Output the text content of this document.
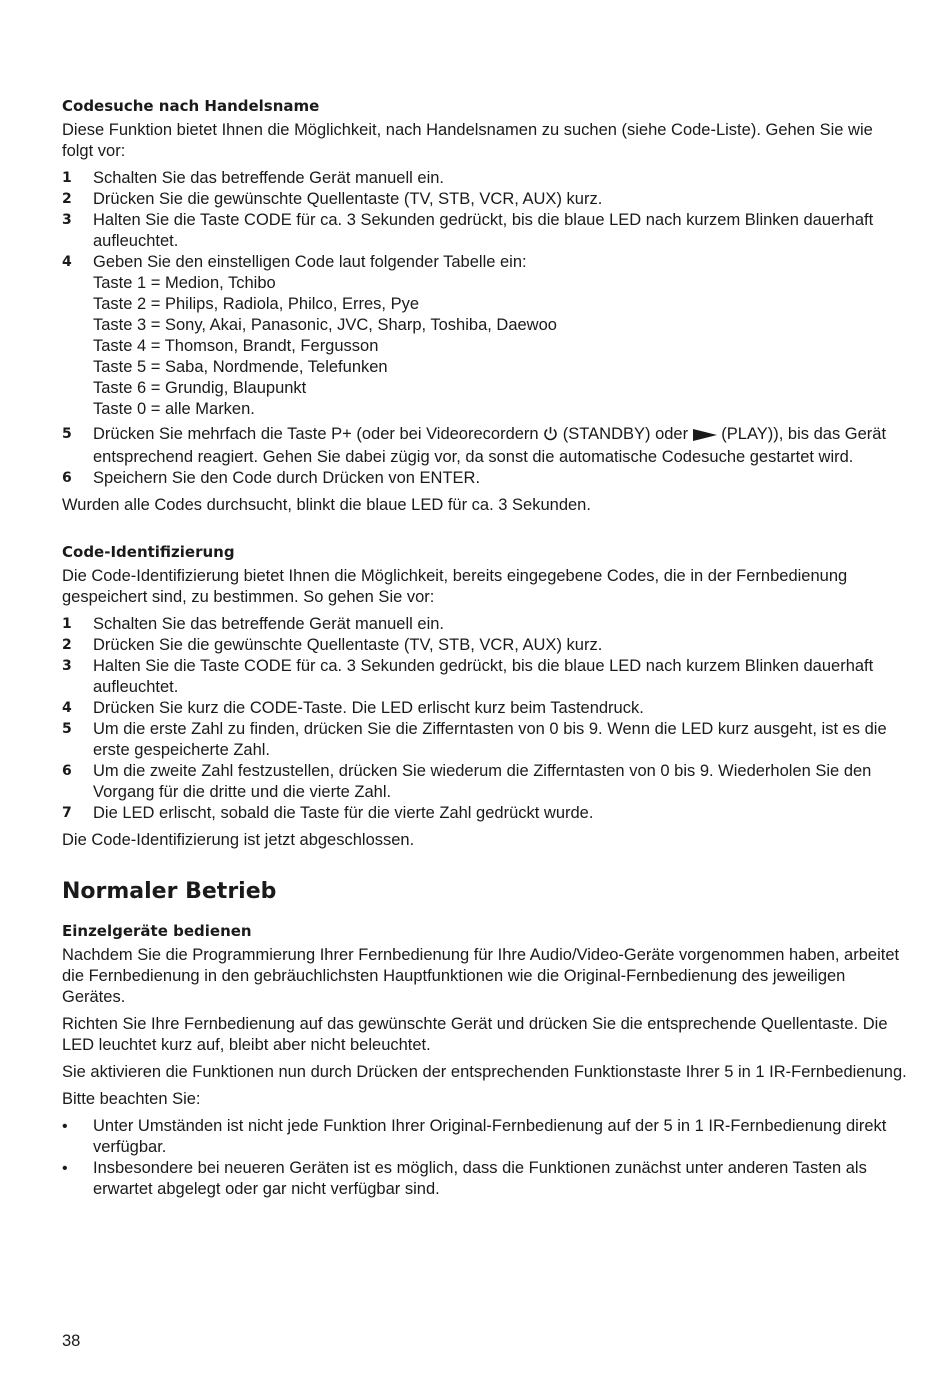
Codesuche nach Handelsname

Diese Funktion bietet Ihnen die Möglichkeit, nach Handelsnamen zu suchen (siehe Code-Liste). Gehen Sie wie folgt vor:

1 Schalten Sie das betreffende Gerät manuell ein.
2 Drücken Sie die gewünschte Quellentaste (TV, STB, VCR, AUX) kurz.
3 Halten Sie die Taste CODE für ca. 3 Sekunden gedrückt, bis die blaue LED nach kurzem Blinken dauerhaft aufleuchtet.
4 Geben Sie den einstelligen Code laut folgender Tabelle ein:
Taste 1 = Medion, Tchibo
Taste 2 = Philips, Radiola, Philco, Erres, Pye
Taste 3 = Sony, Akai, Panasonic, JVC, Sharp, Toshiba, Daewoo
Taste 4 = Thomson, Brandt, Fergusson
Taste 5 = Saba, Nordmende, Telefunken
Taste 6 = Grundig, Blaupunkt
Taste 0 = alle Marken.
5 Drücken Sie mehrfach die Taste P+ (oder bei Videorecordern (STANDBY) oder (PLAY)), bis das Gerät entsprechend reagiert. Gehen Sie dabei zügig vor, da sonst die automatische Codesuche gestartet wird.
6 Speichern Sie den Code durch Drücken von ENTER.

Wurden alle Codes durchsucht, blinkt die blaue LED für ca. 3 Sekunden.

Code-Identifizierung

Die Code-Identifizierung bietet Ihnen die Möglichkeit, bereits eingegebene Codes, die in der Fernbedienung gespeichert sind, zu bestimmen. So gehen Sie vor:

1 Schalten Sie das betreffende Gerät manuell ein.
2 Drücken Sie die gewünschte Quellentaste (TV, STB, VCR, AUX) kurz.
3 Halten Sie die Taste CODE für ca. 3 Sekunden gedrückt, bis die blaue LED nach kurzem Blinken dauerhaft aufleuchtet.
4 Drücken Sie kurz die CODE-Taste. Die LED erlischt kurz beim Tastendruck.
5 Um die erste Zahl zu finden, drücken Sie die Zifferntasten von 0 bis 9. Wenn die LED kurz ausgeht, ist es die erste gespeicherte Zahl.
6 Um die zweite Zahl festzustellen, drücken Sie wiederum die Zifferntasten von 0 bis 9. Wiederholen Sie den Vorgang für die dritte und die vierte Zahl.
7 Die LED erlischt, sobald die Taste für die vierte Zahl gedrückt wurde.

Die Code-Identifizierung ist jetzt abgeschlossen.

Normaler Betrieb
Einzelgeräte bedienen

Nachdem Sie die Programmierung Ihrer Fernbedienung für Ihre Audio/Video-Geräte vorgenommen haben, arbeitet die Fernbedienung in den gebräuchlichsten Hauptfunktionen wie die Original-Fernbedienung des jeweiligen Gerätes.

Richten Sie Ihre Fernbedienung auf das gewünschte Gerät und drücken Sie die entsprechende Quellentaste. Die LED leuchtet kurz auf, bleibt aber nicht beleuchtet.

Sie aktivieren die Funktionen nun durch Drücken der entsprechenden Funktionstaste Ihrer 5 in 1 IR-Fernbedienung.

Bitte beachten Sie:

• Unter Umständen ist nicht jede Funktion Ihrer Original-Fernbedienung auf der 5 in 1 IR-Fernbedienung direkt verfügbar.
• Insbesondere bei neueren Geräten ist es möglich, dass die Funktionen zunächst unter anderen Tasten als erwartet abgelegt oder gar nicht verfügbar sind.
38
